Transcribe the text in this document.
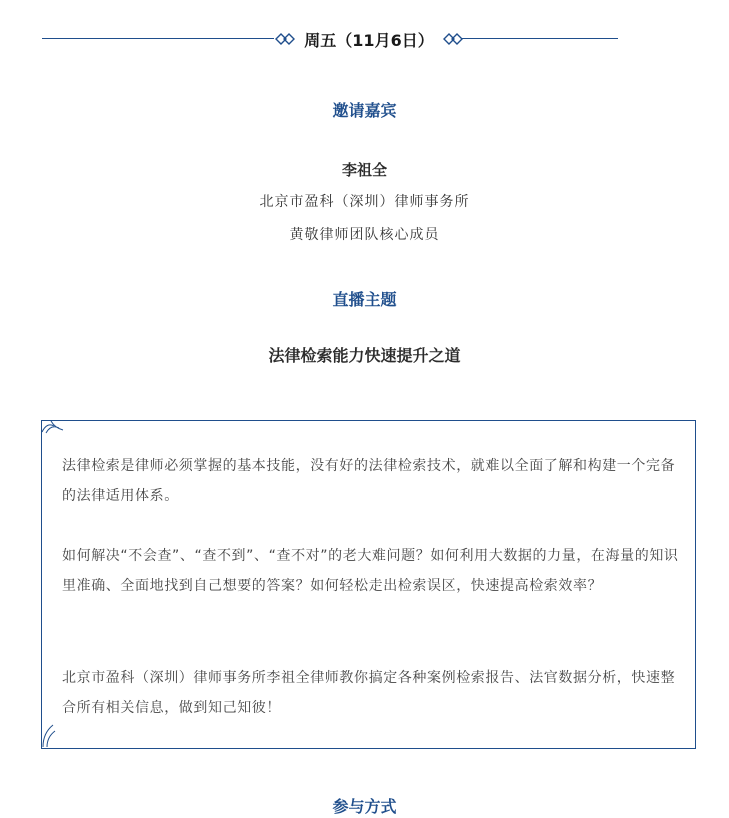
周五（11月6日）
邀请嘉宾
李祖全
北京市盈科（深圳）律师事务所
黄敬律师团队核心成员
直播主题
法律检索能力快速提升之道
法律检索是律师必须掌握的基本技能，没有好的法律检索技术，就难以全面了解和构建一个完备的法律适用体系。
如何解决“不会查”、“查不到”、“查不对”的老大难问题？如何利用大数据的力量，在海量的知识里准确、全面地找到自己想要的答案？如何轻松走出检索误区，快速提高检索效率？
北京市盈科（深圳）律师事务所李祖全律师教你搞定各种案例检索报告、法官数据分析，快速整合所有相关信息，做到知己知彼！
参与方式
